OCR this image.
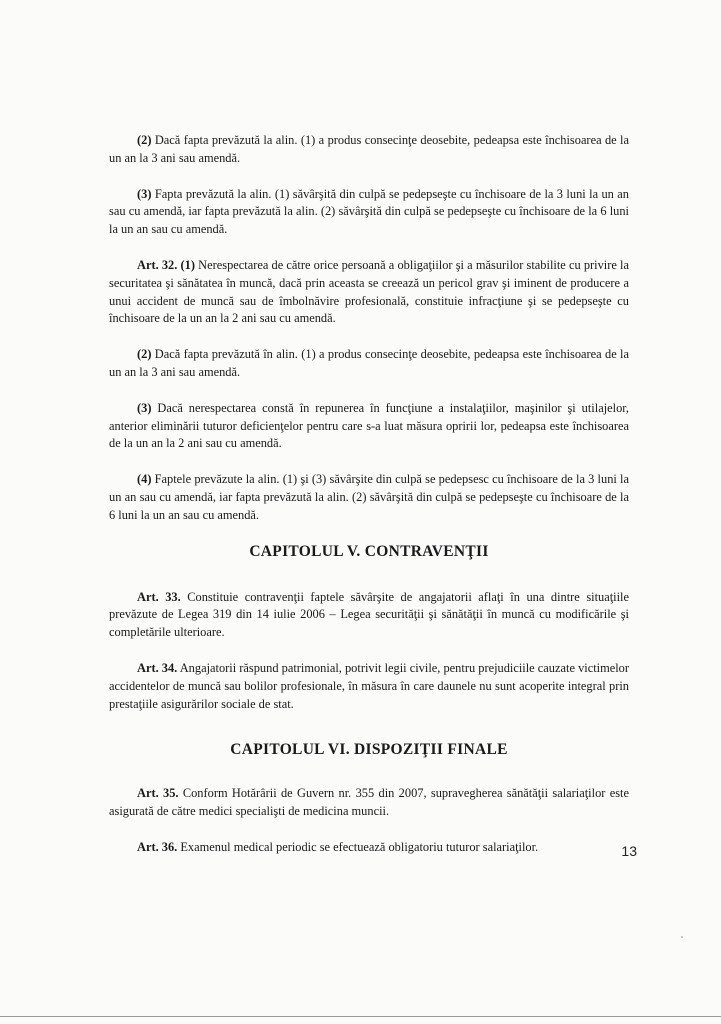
(2) Dacă fapta prevăzută la alin. (1) a produs consecinţe deosebite, pedeapsa este închisoarea de la un an la 3 ani sau amendă.

(3) Fapta prevăzută la alin. (1) săvârşită din culpă se pedepseşte cu închisoare de la 3 luni la un an sau cu amendă, iar fapta prevăzută la alin. (2) săvârşită din culpă se pedepseşte cu închisoare de la 6 luni la un an sau cu amendă.

Art. 32. (1) Nerespectarea de către orice persoană a obligaţiilor şi a măsurilor stabilite cu privire la securitatea şi sănătatea în muncă, dacă prin aceasta se creează un pericol grav şi iminent de producere a unui accident de muncă sau de îmbolnăvire profesională, constituie infracţiune şi se pedepseşte cu închisoare de la un an la 2 ani sau cu amendă.

(2) Dacă fapta prevăzută în alin. (1) a produs consecinţe deosebite, pedeapsa este închisoarea de la un an la 3 ani sau amendă.

(3) Dacă nerespectarea constă în repunerea în funcţiune a instalaţiilor, maşinilor şi utilajelor, anterior eliminării tuturor deficienţelor pentru care s-a luat măsura opririi lor, pedeapsa este închisoarea de la un an la 2 ani sau cu amendă.

(4) Faptele prevăzute la alin. (1) şi (3) săvârşite din culpă se pedepsesc cu închisoare de la 3 luni la un an sau cu amendă, iar fapta prevăzută la alin. (2) săvârşită din culpă se pedepseşte cu închisoare de la 6 luni la un an sau cu amendă.

CAPITOLUL V. CONTRAVENŢII

Art. 33. Constituie contravenţii faptele săvârşite de angajatorii aflaţi în una dintre situaţiile prevăzute de Legea 319 din 14 iulie 2006 – Legea securităţii şi sănătăţii în muncă cu modificările şi completările ulterioare.

Art. 34. Angajatorii răspund patrimonial, potrivit legii civile, pentru prejudiciile cauzate victimelor accidentelor de muncă sau bolilor profesionale, în măsura în care daunele nu sunt acoperite integral prin prestaţiile asigurărilor sociale de stat.

CAPITOLUL VI. DISPOZIŢII FINALE

Art. 35. Conform Hotărârii de Guvern nr. 355 din 2007, supravegherea sănătăţii salariaţilor este asigurată de către medici specialişti de medicina muncii.

Art. 36. Examenul medical periodic se efectuează obligatoriu tuturor salariaţilor.	13
